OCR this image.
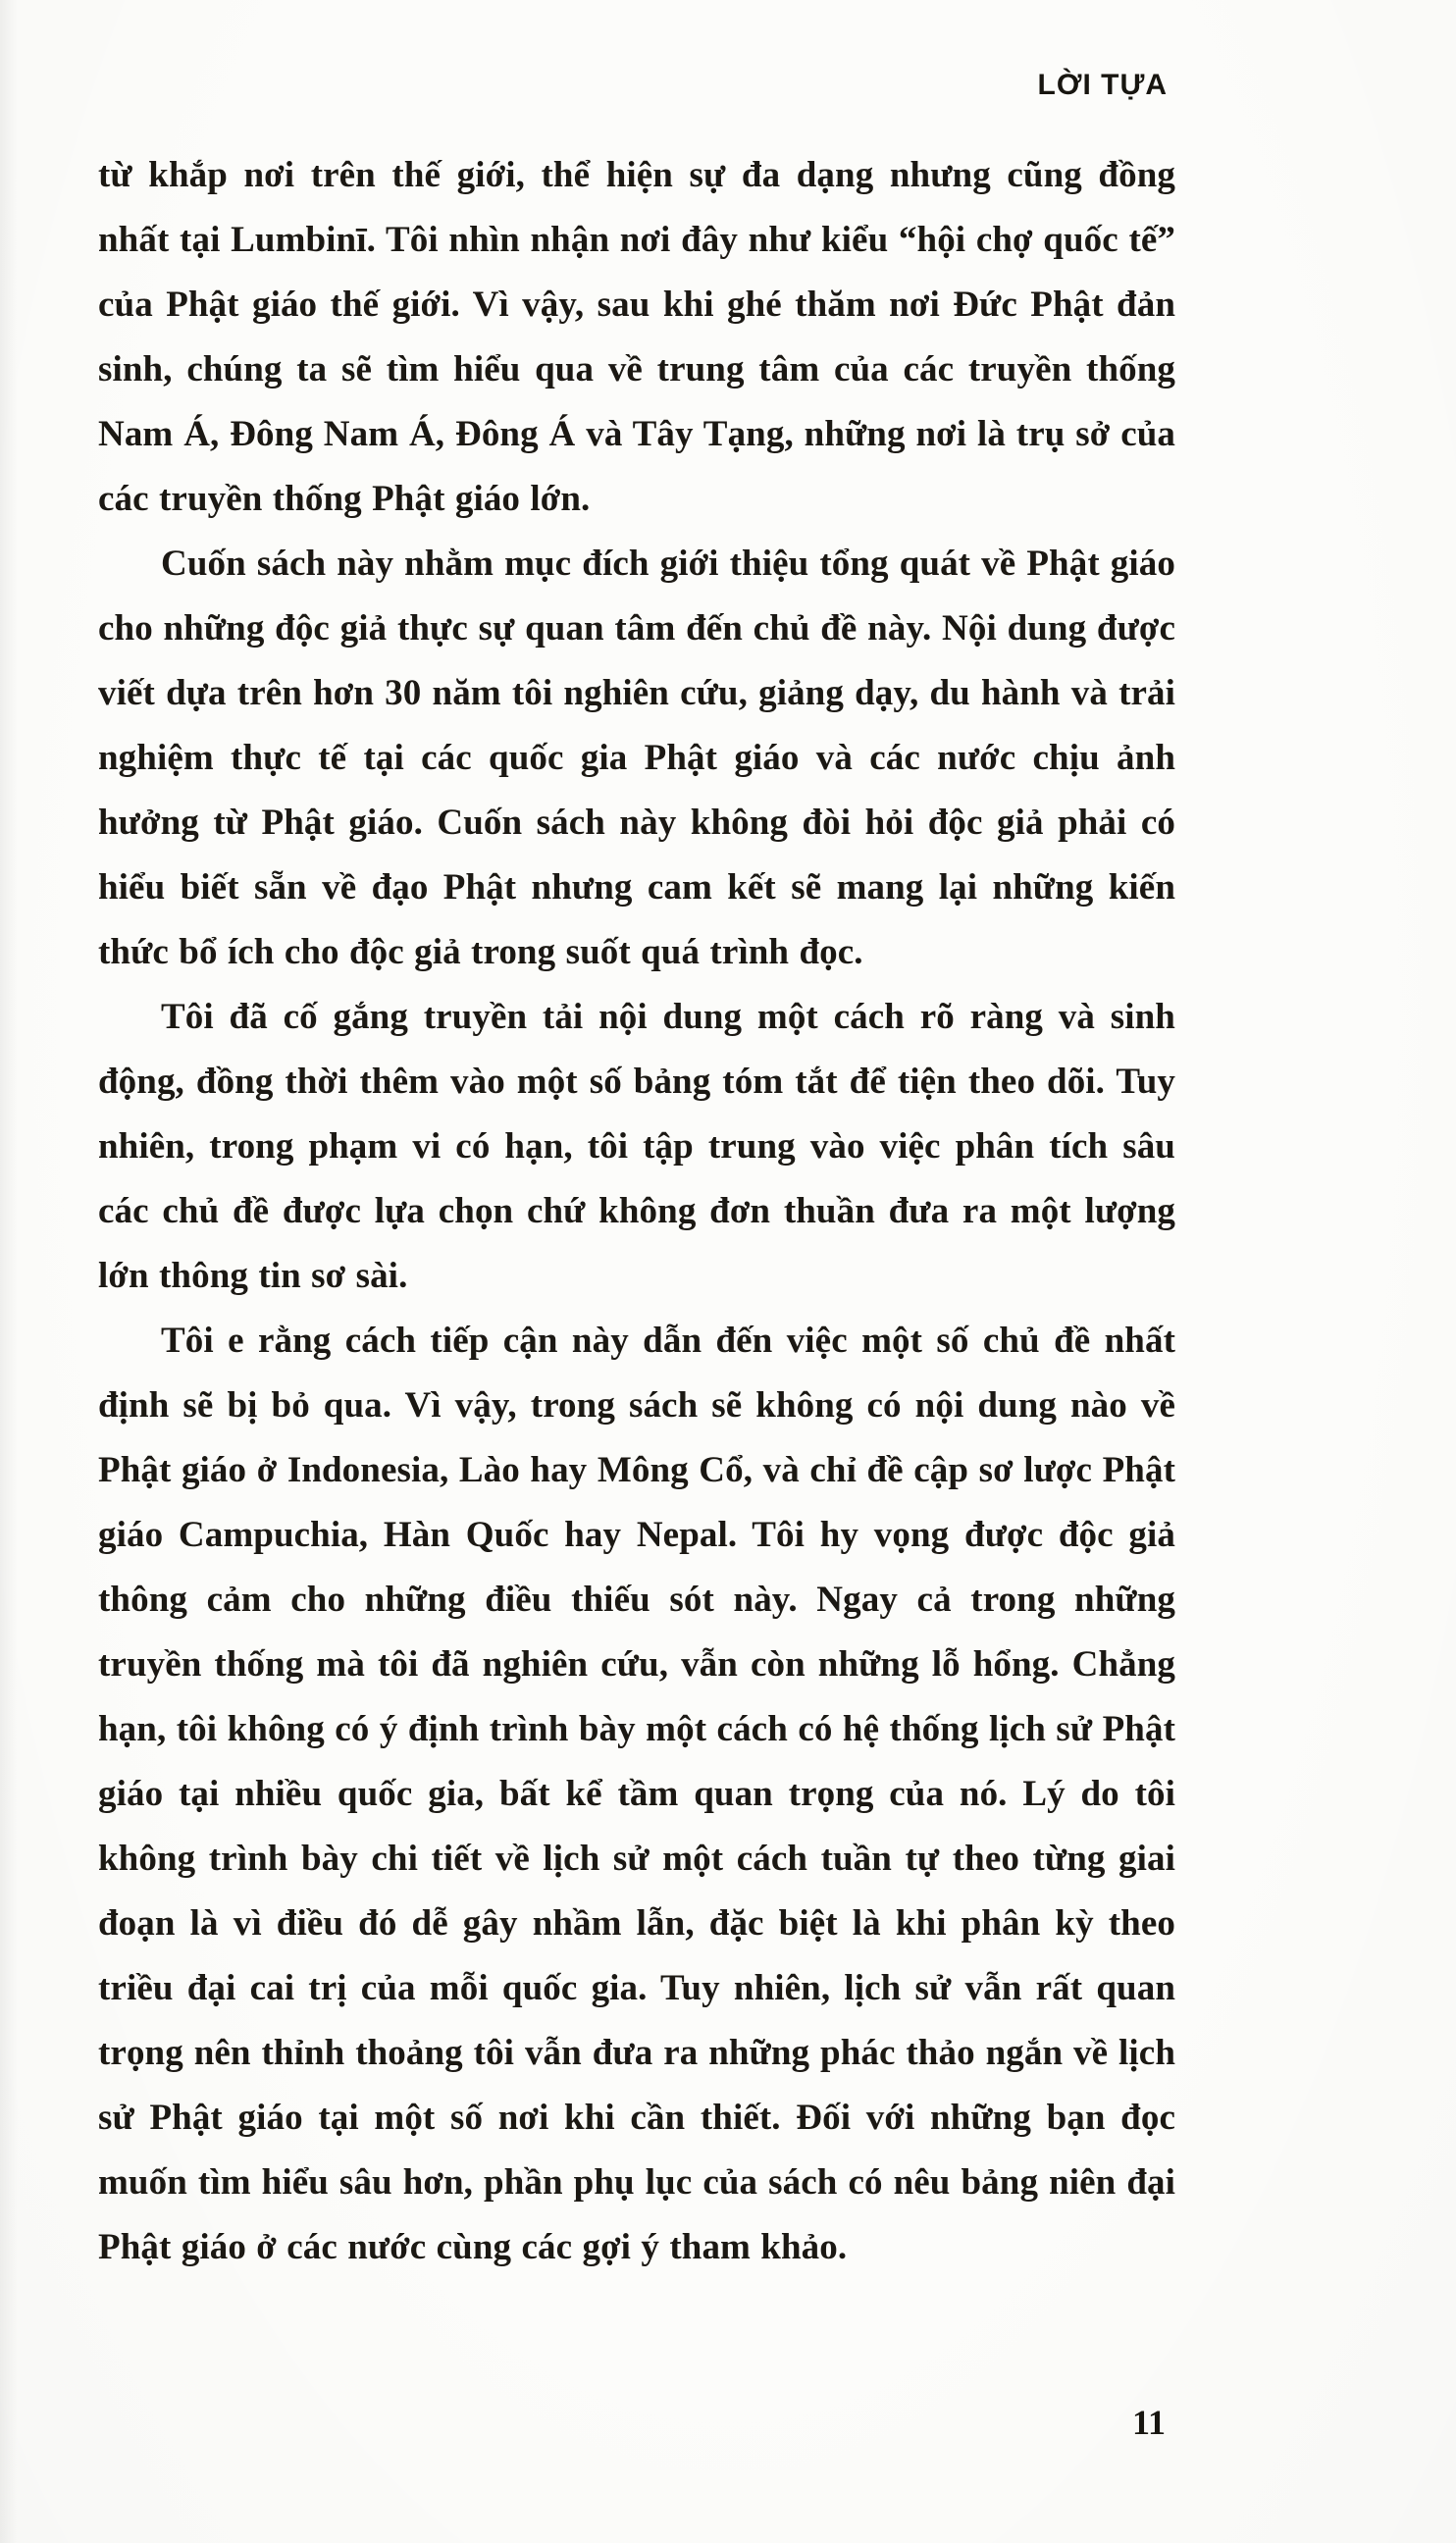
LỜI TỰA

từ khắp nơi trên thế giới, thể hiện sự đa dạng nhưng cũng đồng nhất tại Lumbinī. Tôi nhìn nhận nơi đây như kiểu “hội chợ quốc tế” của Phật giáo thế giới. Vì vậy, sau khi ghé thăm nơi Đức Phật đản sinh, chúng ta sẽ tìm hiểu qua về trung tâm của các truyền thống Nam Á, Đông Nam Á, Đông Á và Tây Tạng, những nơi là trụ sở của các truyền thống Phật giáo lớn.

Cuốn sách này nhằm mục đích giới thiệu tổng quát về Phật giáo cho những độc giả thực sự quan tâm đến chủ đề này. Nội dung được viết dựa trên hơn 30 năm tôi nghiên cứu, giảng dạy, du hành và trải nghiệm thực tế tại các quốc gia Phật giáo và các nước chịu ảnh hưởng từ Phật giáo. Cuốn sách này không đòi hỏi độc giả phải có hiểu biết sẵn về đạo Phật nhưng cam kết sẽ mang lại những kiến thức bổ ích cho độc giả trong suốt quá trình đọc.

Tôi đã cố gắng truyền tải nội dung một cách rõ ràng và sinh động, đồng thời thêm vào một số bảng tóm tắt để tiện theo dõi. Tuy nhiên, trong phạm vi có hạn, tôi tập trung vào việc phân tích sâu các chủ đề được lựa chọn chứ không đơn thuần đưa ra một lượng lớn thông tin sơ sài.

Tôi e rằng cách tiếp cận này dẫn đến việc một số chủ đề nhất định sẽ bị bỏ qua. Vì vậy, trong sách sẽ không có nội dung nào về Phật giáo ở Indonesia, Lào hay Mông Cổ, và chỉ đề cập sơ lược Phật giáo Campuchia, Hàn Quốc hay Nepal. Tôi hy vọng được độc giả thông cảm cho những điều thiếu sót này. Ngay cả trong những truyền thống mà tôi đã nghiên cứu, vẫn còn những lỗ hổng. Chẳng hạn, tôi không có ý định trình bày một cách có hệ thống lịch sử Phật giáo tại nhiều quốc gia, bất kể tầm quan trọng của nó. Lý do tôi không trình bày chi tiết về lịch sử một cách tuần tự theo từng giai đoạn là vì điều đó dễ gây nhầm lẫn, đặc biệt là khi phân kỳ theo triều đại cai trị của mỗi quốc gia. Tuy nhiên, lịch sử vẫn rất quan trọng nên thỉnh thoảng tôi vẫn đưa ra những phác thảo ngắn về lịch sử Phật giáo tại một số nơi khi cần thiết. Đối với những bạn đọc muốn tìm hiểu sâu hơn, phần phụ lục của sách có nêu bảng niên đại Phật giáo ở các nước cùng các gợi ý tham khảo.

11
